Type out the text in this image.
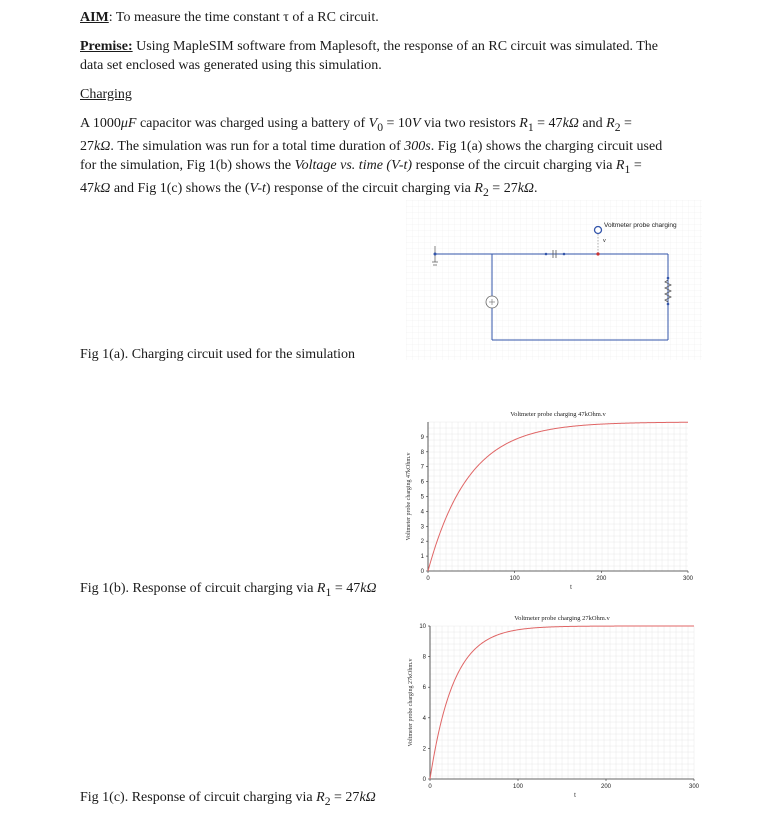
AIM: To measure the time constant τ of a RC circuit.
Premise: Using MapleSIM software from Maplesoft, the response of an RC circuit was simulated. The
data set enclosed was generated using this simulation.
Charging
A 1000μF capacitor was charged using a battery of $V_0 = 10V$ via two resistors $R_1 = 47k\Omega$ and $R_2$ =
27kΩ. The simulation was run for a total time duration of 300s. Fig 1(a) shows the charging circuit used
for the simulation, Fig 1(b) shows the Voltage vs. time (V-t) response of the circuit charging via $R_1$ =
47kΩ and Fig 1(c) shows the (V-t) response of the circuit charging via $R_2 = 27k\Omega$.
Voltmeter probe charging
v
Fig 1(a). Charging circuit used for the simulation
Voltmeter probe charging 47kOhm.v
0
1
2
3
4
5
6
7
8
9
0	100	200	300
t
Voltmeter probe charging 47kOhm.v
Fig 1(b). Response of circuit charging via $R_1 = 47k\Omega$
Voltmeter probe charging 27kOhm.v
0
2
4
6
8
10
0	100	200	300
t
Voltmeter probe charging 27kOhm.v
Fig 1(c). Response of circuit charging via $R_2 = 27k\Omega$
